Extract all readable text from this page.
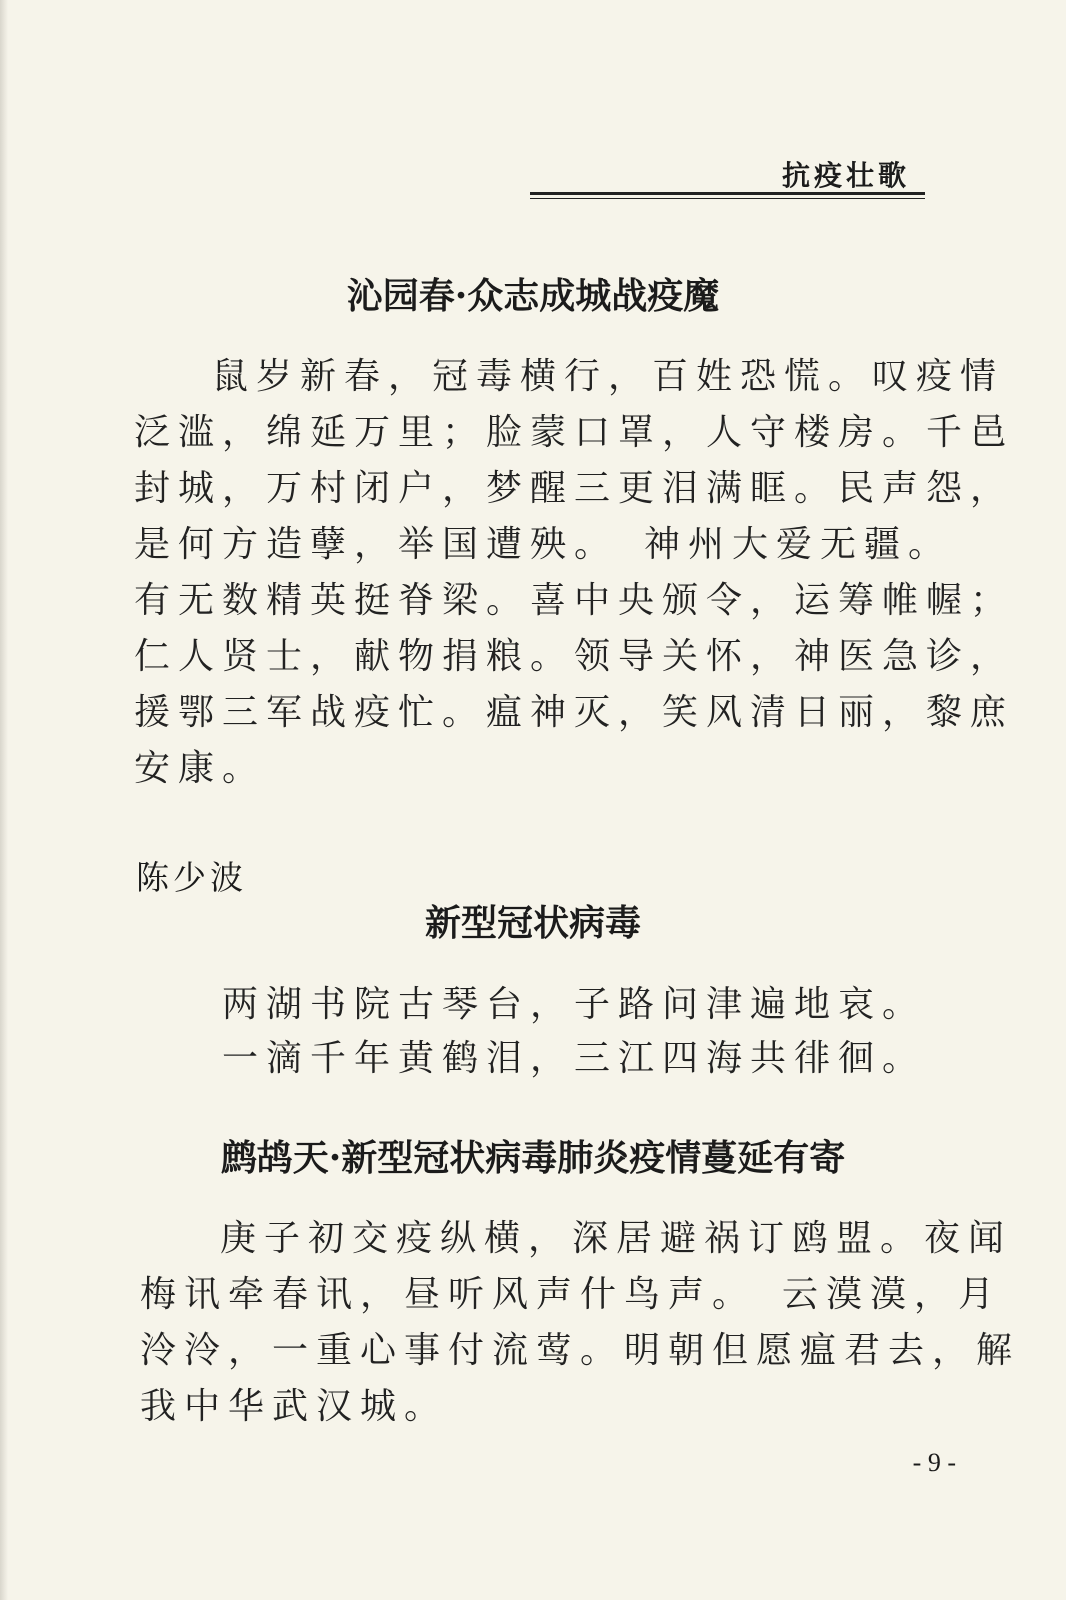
抗疫壮歌
沁园春·众志成城战疫魔
鼠岁新春，冠毒横行，百姓恐慌。叹疫情
泛滥，绵延万里；脸蒙口罩，人守楼房。千邑
封城，万村闭户，梦醒三更泪满眶。民声怨，
是何方造孽，举国遭殃。　神州大爱无疆。
有无数精英挺脊梁。喜中央颁令，运筹帷幄；
仁人贤士，献物捐粮。领导关怀，神医急诊，
援鄂三军战疫忙。瘟神灭，笑风清日丽，黎庶
安康。
陈少波
新型冠状病毒
两湖书院古琴台，子路问津遍地哀。
一滴千年黄鹤泪，三江四海共徘徊。
鹧鸪天·新型冠状病毒肺炎疫情蔓延有寄
庚子初交疫纵横，深居避祸订鸥盟。夜闻
梅讯牵春讯，昼听风声什鸟声。　云漠漠，月
泠泠，一重心事付流莺。明朝但愿瘟君去，解
我中华武汉城。
- 9 -
